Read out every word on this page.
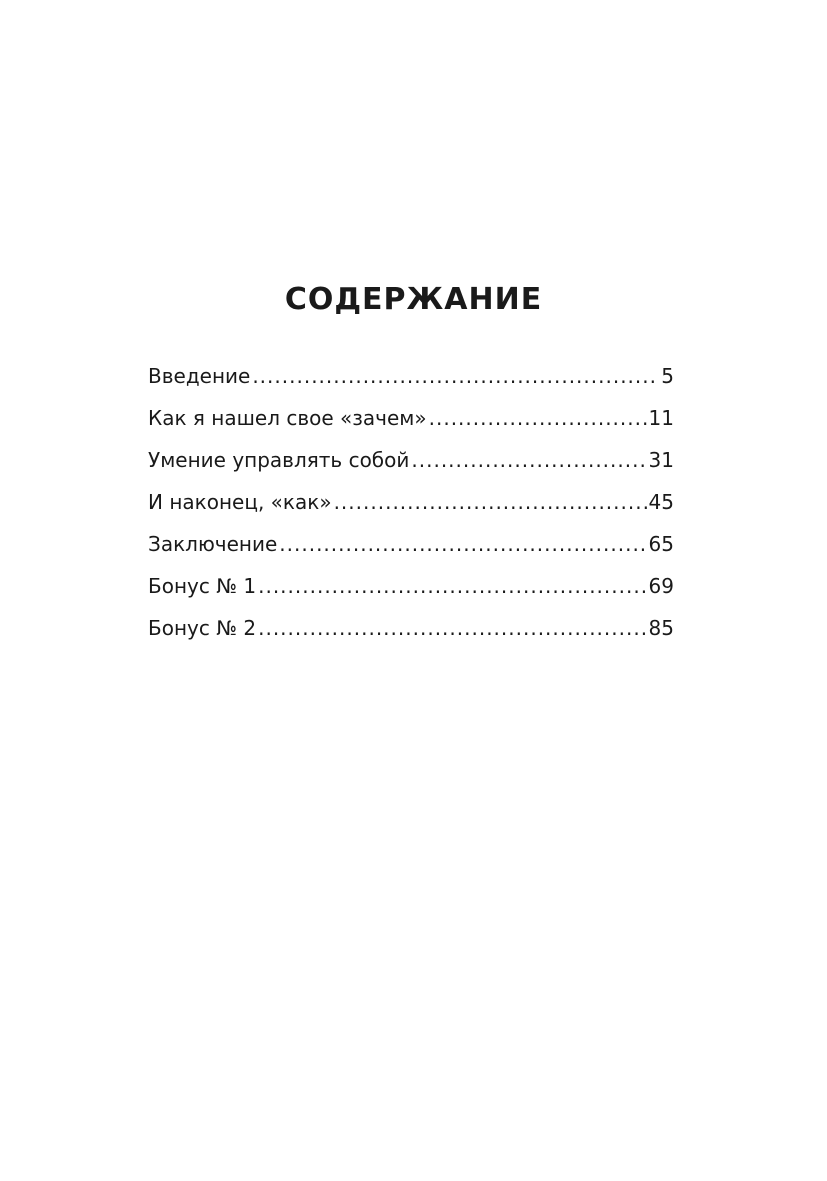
СОДЕРЖАНИЕ
Введение .....	5
Как я нашел свое «зачем» .....	11
Умение управлять собой .....	31
И наконец, «как» .....	45
Заключение .....	65
Бонус № 1 .....	69
Бонус № 2 .....	85
